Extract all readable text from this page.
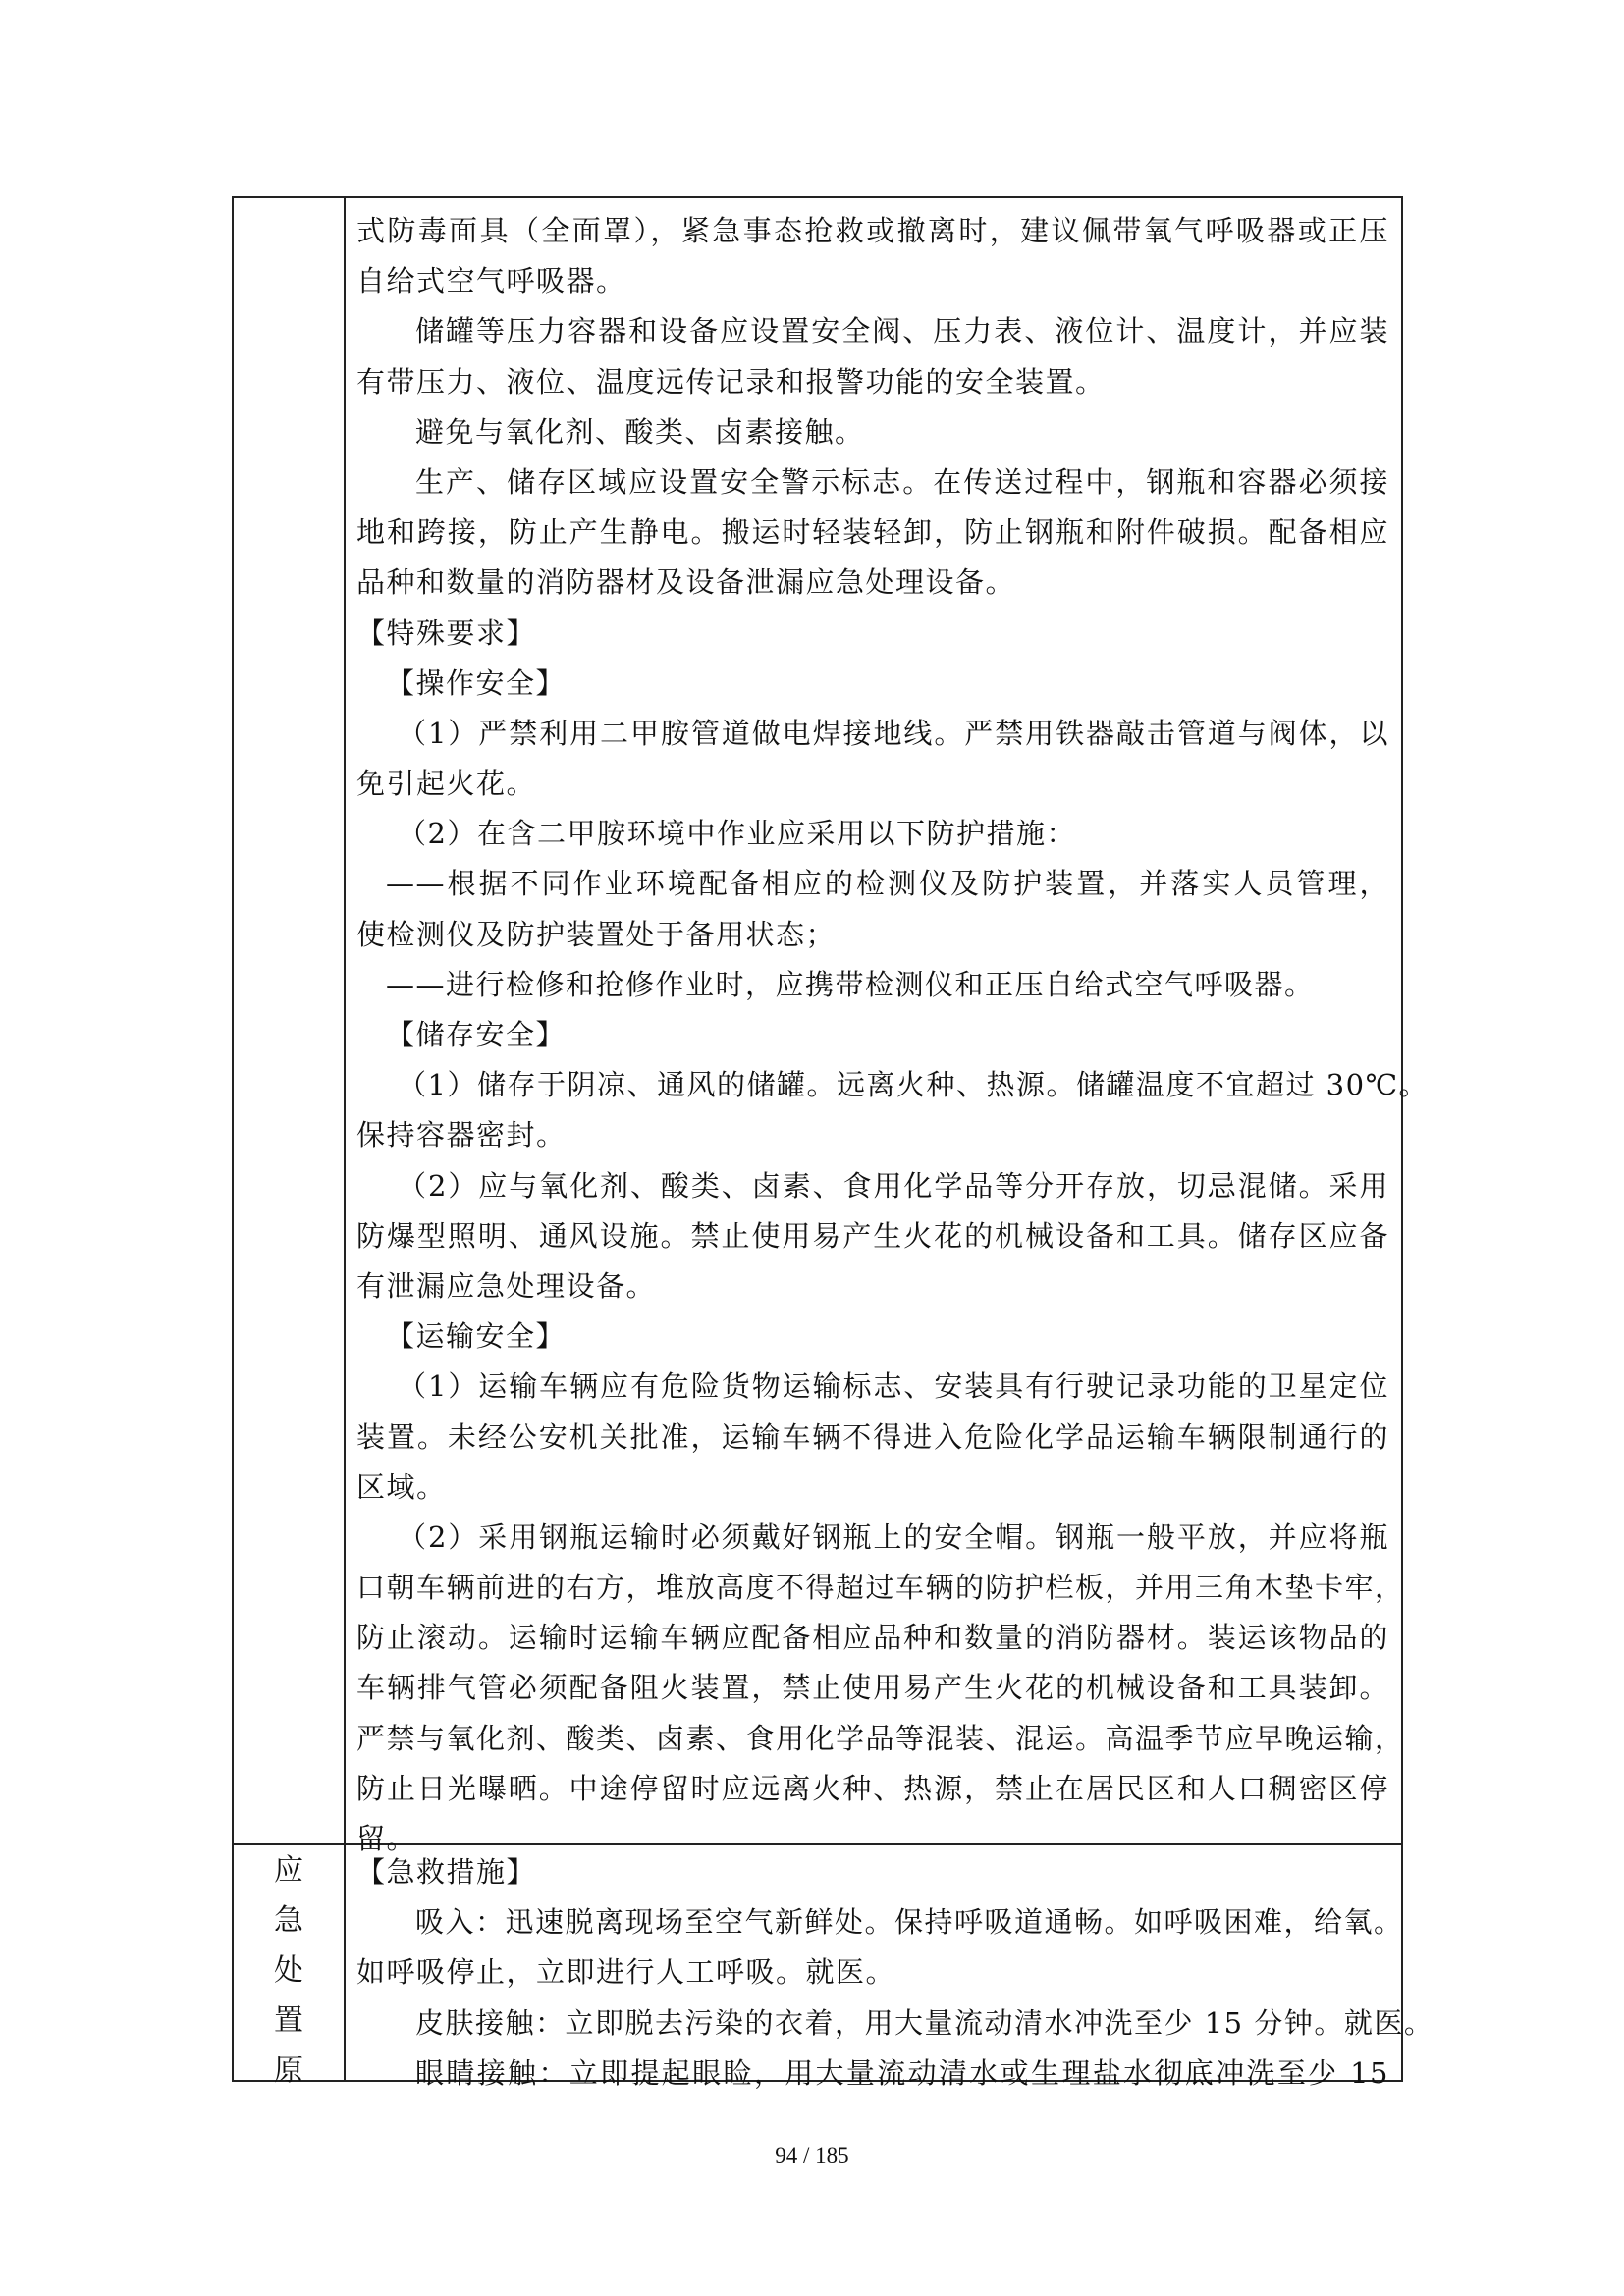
式防毒面具（全面罩），紧急事态抢救或撤离时，建议佩带氧气呼吸器或正压
自给式空气呼吸器。
储罐等压力容器和设备应设置安全阀、压力表、液位计、温度计，并应装
有带压力、液位、温度远传记录和报警功能的安全装置。
避免与氧化剂、酸类、卤素接触。
生产、储存区域应设置安全警示标志。在传送过程中，钢瓶和容器必须接
地和跨接，防止产生静电。搬运时轻装轻卸，防止钢瓶和附件破损。配备相应
品种和数量的消防器材及设备泄漏应急处理设备。
【特殊要求】
【操作安全】
（1）严禁利用二甲胺管道做电焊接地线。严禁用铁器敲击管道与阀体，以
免引起火花。
（2）在含二甲胺环境中作业应采用以下防护措施：
——根据不同作业环境配备相应的检测仪及防护装置，并落实人员管理，
使检测仪及防护装置处于备用状态；
——进行检修和抢修作业时，应携带检测仪和正压自给式空气呼吸器。
【储存安全】
（1）储存于阴凉、通风的储罐。远离火种、热源。储罐温度不宜超过 30℃。
保持容器密封。
（2）应与氧化剂、酸类、卤素、食用化学品等分开存放，切忌混储。采用
防爆型照明、通风设施。禁止使用易产生火花的机械设备和工具。储存区应备
有泄漏应急处理设备。
【运输安全】
（1）运输车辆应有危险货物运输标志、安装具有行驶记录功能的卫星定位
装置。未经公安机关批准，运输车辆不得进入危险化学品运输车辆限制通行的
区域。
（2）采用钢瓶运输时必须戴好钢瓶上的安全帽。钢瓶一般平放，并应将瓶
口朝车辆前进的右方，堆放高度不得超过车辆的防护栏板，并用三角木垫卡牢，
防止滚动。运输时运输车辆应配备相应品种和数量的消防器材。装运该物品的
车辆排气管必须配备阻火装置，禁止使用易产生火花的机械设备和工具装卸。
严禁与氧化剂、酸类、卤素、食用化学品等混装、混运。高温季节应早晚运输，
防止日光曝晒。中途停留时应远离火种、热源，禁止在居民区和人口稠密区停
留。
应
急
处
置
原
【急救措施】
吸入：迅速脱离现场至空气新鲜处。保持呼吸道通畅。如呼吸困难，给氧。
如呼吸停止，立即进行人工呼吸。就医。
皮肤接触：立即脱去污染的衣着，用大量流动清水冲洗至少 15 分钟。就医。
眼睛接触：立即提起眼睑，用大量流动清水或生理盐水彻底冲洗至少 15
94 / 185
